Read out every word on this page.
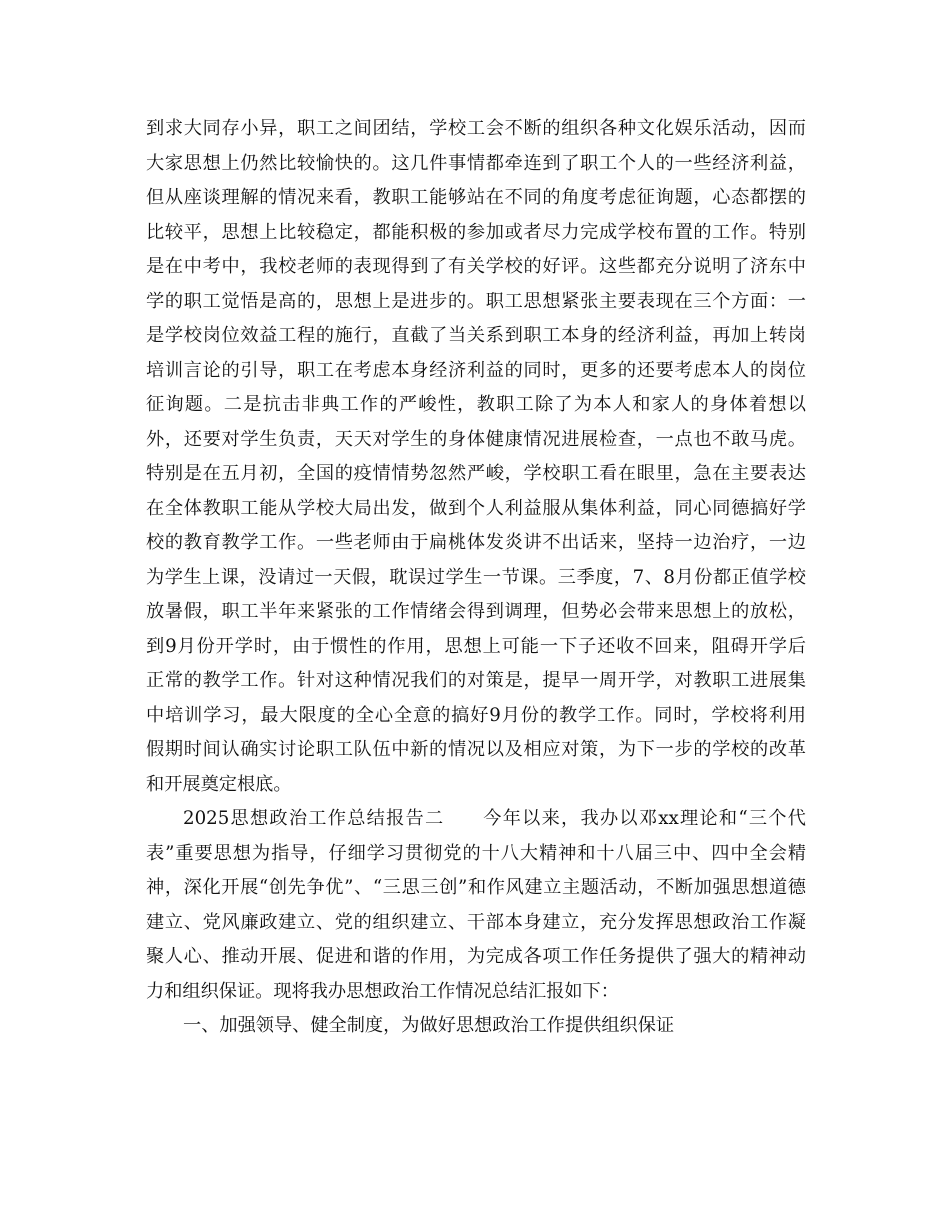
到求大同存小异，职工之间团结，学校工会不断的组织各种文化娱乐活动，因而
大家思想上仍然比较愉快的。这几件事情都牵连到了职工个人的一些经济利益，
但从座谈理解的情况来看，教职工能够站在不同的角度考虑征询题，心态都摆的
比较平，思想上比较稳定，都能积极的参加或者尽力完成学校布置的工作。特别
是在中考中，我校老师的表现得到了有关学校的好评。这些都充分说明了济东中
学的职工觉悟是高的，思想上是进步的。职工思想紧张主要表现在三个方面：一
是学校岗位效益工程的施行，直截了当关系到职工本身的经济利益，再加上转岗
培训言论的引导，职工在考虑本身经济利益的同时，更多的还要考虑本人的岗位
征询题。二是抗击非典工作的严峻性，教职工除了为本人和家人的身体着想以
外，还要对学生负责，天天对学生的身体健康情况进展检查，一点也不敢马虎。
特别是在五月初，全国的疫情情势忽然严峻，学校职工看在眼里，急在主要表达
在全体教职工能从学校大局出发，做到个人利益服从集体利益，同心同德搞好学
校的教育教学工作。一些老师由于扁桃体发炎讲不出话来，坚持一边治疗，一边
为学生上课，没请过一天假，耽误过学生一节课。三季度，7、8月份都正值学校
放暑假，职工半年来紧张的工作情绪会得到调理，但势必会带来思想上的放松，
到9月份开学时，由于惯性的作用，思想上可能一下子还收不回来，阻碍开学后
正常的教学工作。针对这种情况我们的对策是，提早一周开学，对教职工进展集
中培训学习，最大限度的全心全意的搞好9月份的教学工作。同时，学校将利用
假期时间认确实讨论职工队伍中新的情况以及相应对策，为下一步的学校的改革
和开展奠定根底。
2025思想政治工作总结报告二　　今年以来，我办以邓xx理论和“三个代
表”重要思想为指导，仔细学习贯彻党的十八大精神和十八届三中、四中全会精
神，深化开展“创先争优”、“三思三创”和作风建立主题活动，不断加强思想道德
建立、党风廉政建立、党的组织建立、干部本身建立，充分发挥思想政治工作凝
聚人心、推动开展、促进和谐的作用，为完成各项工作任务提供了强大的精神动
力和组织保证。现将我办思想政治工作情况总结汇报如下：
一、加强领导、健全制度，为做好思想政治工作提供组织保证
